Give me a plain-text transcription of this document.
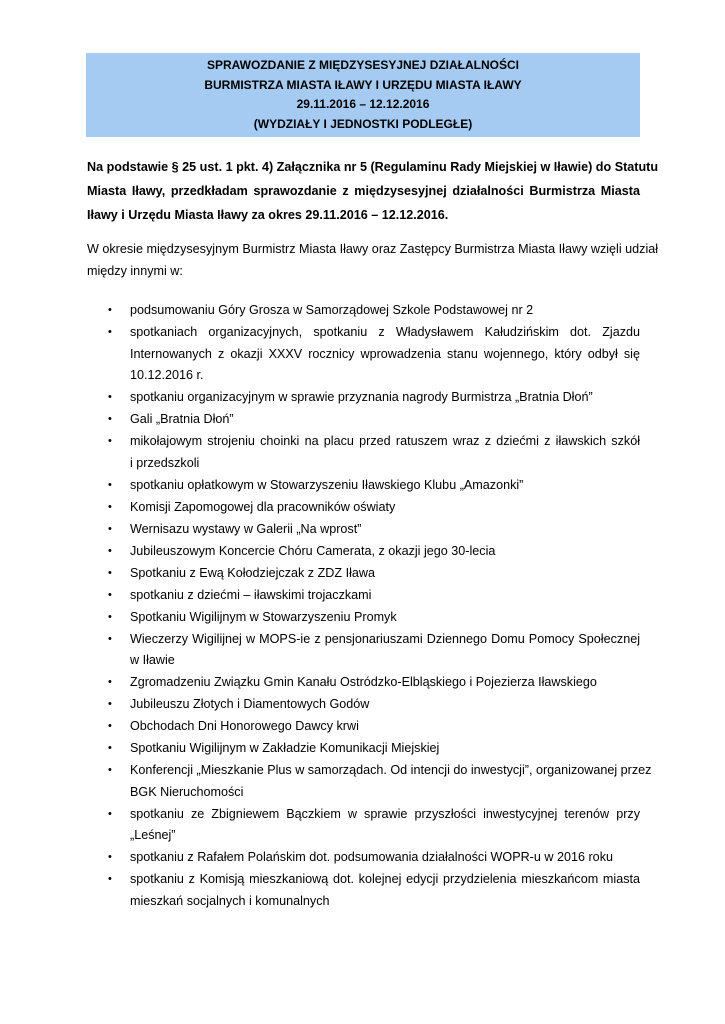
SPRAWOZDANIE Z MIĘDZYSESYJNEJ DZIAŁALNOŚCI
BURMISTRZA MIASTA IŁAWY I URZĘDU MIASTA IŁAWY
29.11.2016 – 12.12.2016
(WYDZIAŁY I JEDNOSTKI PODLEGŁE)
Na podstawie § 25 ust. 1 pkt. 4) Załącznika nr 5 (Regulaminu Rady Miejskiej w Iławie) do Statutu
Miasta Iławy, przedkładam sprawozdanie z międzysesyjnej działalności Burmistrza Miasta
Iławy i Urzędu Miasta Iławy za okres 29.11.2016 – 12.12.2016.
W okresie międzysesyjnym Burmistrz Miasta Iławy oraz Zastępcy Burmistrza Miasta Iławy wzięli udział
między innymi w:
•	podsumowaniu Góry Grosza w Samorządowej Szkole Podstawowej nr 2
•	spotkaniach organizacyjnych, spotkaniu z Władysławem Kałudzińskim dot. Zjazdu
Internowanych z okazji XXXV rocznicy wprowadzenia stanu wojennego, który odbył się
10.12.2016 r.
•	spotkaniu organizacyjnym w sprawie przyznania nagrody Burmistrza „Bratnia Dłoń”
•	Gali „Bratnia Dłoń”
•	mikołajowym strojeniu choinki na placu przed ratuszem wraz z dziećmi z iławskich szkół
i przedszkoli
•	spotkaniu opłatkowym w Stowarzyszeniu Iławskiego Klubu „Amazonki”
•	Komisji Zapomogowej dla pracowników oświaty
•	Wernisazu wystawy w Galerii „Na wprost”
•	Jubileuszowym Koncercie Chóru Camerata, z okazji jego 30-lecia
•	Spotkaniu z Ewą Kołodziejczak z ZDZ Iława
•	spotkaniu z dziećmi – iławskimi trojaczkami
•	Spotkaniu Wigilijnym w Stowarzyszeniu Promyk
•	Wieczerzy Wigilijnej w MOPS-ie z pensjonariuszami Dziennego Domu Pomocy Społecznej
w Iławie
•	Zgromadzeniu Związku Gmin Kanału Ostródzko-Elbląskiego i Pojezierza Iławskiego
•	Jubileuszu Złotych i Diamentowych Godów
•	Obchodach Dni Honorowego Dawcy krwi
•	Spotkaniu Wigilijnym w Zakładzie Komunikacji Miejskiej
•	Konferencji „Mieszkanie Plus w samorządach. Od intencji do inwestycji”, organizowanej przez
BGK Nieruchomości
•	spotkaniu ze Zbigniewem Bączkiem w sprawie przyszłości inwestycyjnej terenów przy
„Leśnej”
•	spotkaniu z Rafałem Polańskim dot. podsumowania działalności WOPR-u w 2016 roku
•	spotkaniu z Komisją mieszkaniową dot. kolejnej edycji przydzielenia mieszkańcom miasta
mieszkań socjalnych i komunalnych
